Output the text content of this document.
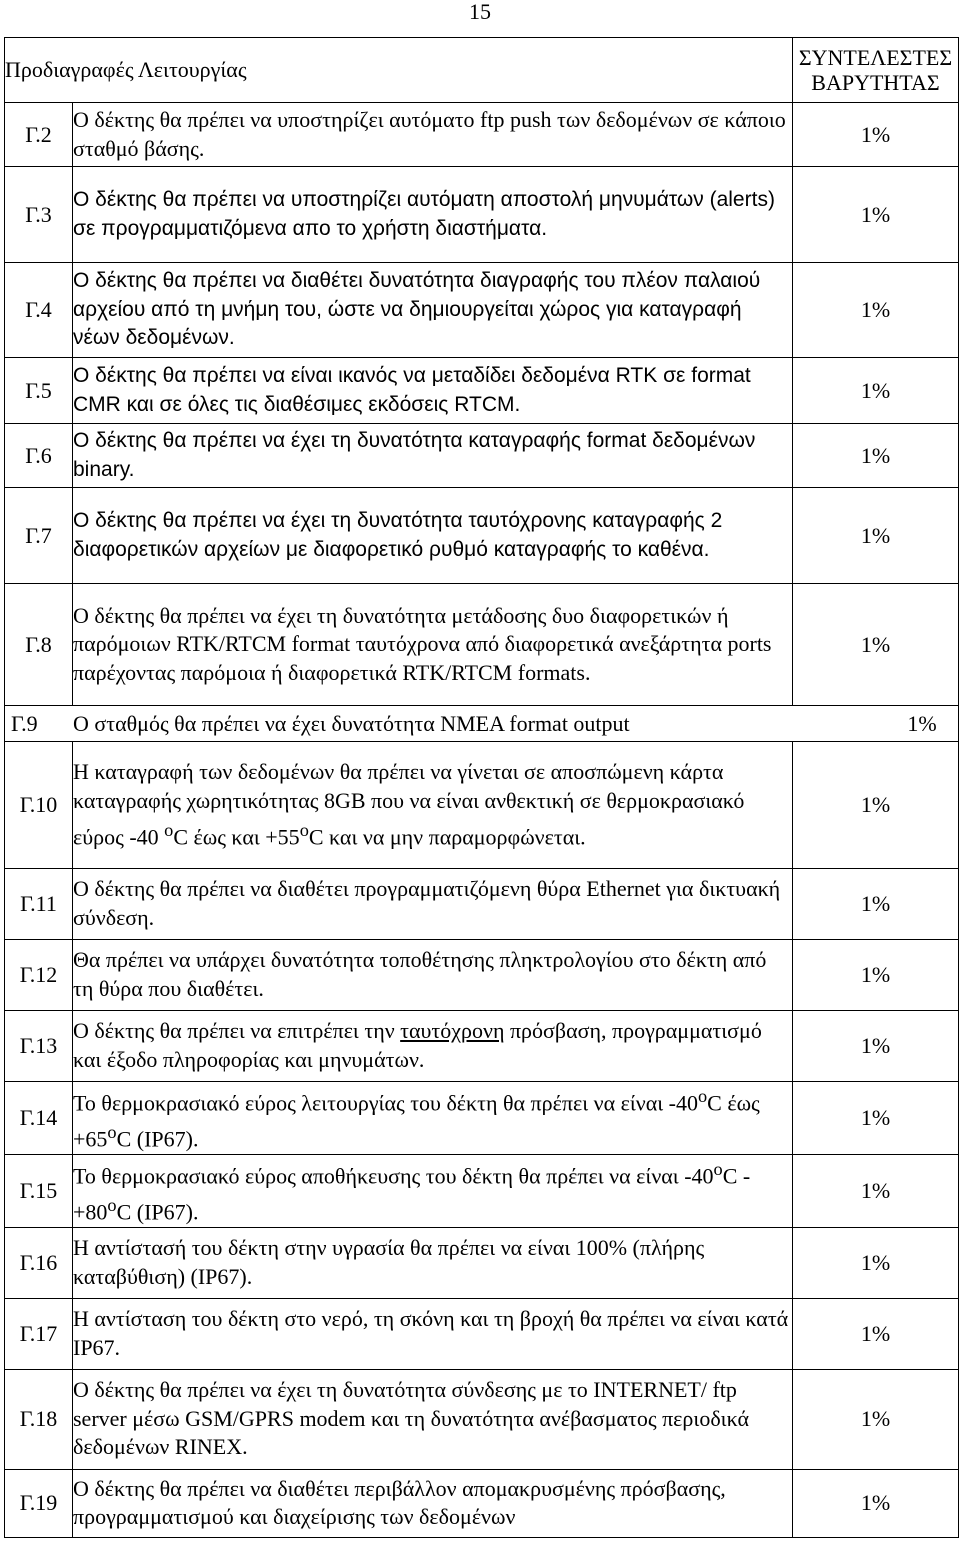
15
Προδιαγραφές Λειτουργίας		ΣΥΝΤΕΛΕΣΤΕΣ
ΒΑΡΥΤΗΤΑΣ
Γ.2	Ο δέκτης θα πρέπει να υποστηρίζει αυτόματο ftp push των δεδομένων σε κάποιο σταθμό βάσης.	1%
Γ.3	Ο δέκτης θα πρέπει να υποστηρίζει αυτόματη αποστολή μηνυμάτων (alerts) σε προγραμματιζόμενα απο το χρήστη διαστήματα.	1%
Γ.4	Ο δέκτης θα πρέπει να διαθέτει δυνατότητα διαγραφής του πλέον παλαιού αρχείου από τη μνήμη του, ώστε να δημιουργείται χώρος για καταγραφή νέων δεδομένων.	1%
Γ.5	Ο δέκτης θα πρέπει να είναι ικανός να μεταδίδει δεδομένα RTK σε format CMR και σε όλες τις διαθέσιμες εκδόσεις RTCM.	1%
Γ.6	Ο δέκτης θα πρέπει να έχει τη δυνατότητα καταγραφής format δεδομένων binary.	1%
Γ.7	Ο δέκτης θα πρέπει να έχει τη δυνατότητα ταυτόχρονης καταγραφής 2 διαφορετικών αρχείων με διαφορετικό ρυθμό καταγραφής το καθένα.	1%
Γ.8	Ο δέκτης θα πρέπει να έχει τη δυνατότητα μετάδοσης δυο διαφορετικών ή παρόμοιων RTK/RTCM format ταυτόχρονα από διαφορετικά ανεξάρτητα ports παρέχοντας παρόμοια ή διαφορετικά RTK/RTCM formats.	1%
Γ.9 Ο σταθμός θα πρέπει να έχει δυνατότητα NMEA format output 1%		

Γ.10	Η καταγραφή των δεδομένων θα πρέπει να γίνεται σε αποσπώμενη κάρτα καταγραφής χωρητικότητας 8GB που να είναι ανθεκτική σε θερμοκρασιακό εύρος -40 $^o$C έως $\kappa\alpha\iota +55^oC$ και να μην παραμορφώνεται.	1%
Γ.11	Ο δέκτης θα πρέπει να διαθέτει προγραμματιζόμενη θύρα Ethernet για δικτυακή σύνδεση.	1%
Γ.12	Θα πρέπει να υπάρχει δυνατότητα τοποθέτησης πληκτρολογίου στο δέκτη από τη θύρα που διαθέτει.	1%
Γ.13	Ο δέκτης θα πρέπει να επιτρέπει την ταυτόχρονη πρόσβαση, προγραμματισμό και έξοδο πληροφορίας και μηνυμάτων.	1%
Γ.14	Το θερμοκρασιακό εύρος λειτουργίας του δέκτη θα πρέπει να είναι -40$^o$C $έ\omega\varsigma +65^oC$ (IP67).	1%
Γ.15	Το θερμοκρασιακό εύρος αποθήκευσης του δέκτη θα πρέπει να είναι $-40^oC - +80^oC$ (IP67).	1%
Γ.16	Η αντίστασή του δέκτη στην υγρασία θα πρέπει να είναι 100% (πλήρης καταβύθιση) (IP67).	1%
Γ.17	Η αντίσταση του δέκτη στο νερό, τη σκόνη και τη βροχή θα πρέπει να είναι κατά IP67.	1%
Γ.18	Ο δέκτης θα πρέπει να έχει τη δυνατότητα σύνδεσης με το INTERNET/ ftp server μέσω GSM/GPRS modem και τη δυνατότητα ανέβασματος περιοδικά δεδομένων RINEX.	1%
Γ.19	Ο δέκτης θα πρέπει να διαθέτει περιβάλλον απομακρυσμένης πρόσβασης, προγραμματισμού και διαχείρισης των δεδομένων	1%
